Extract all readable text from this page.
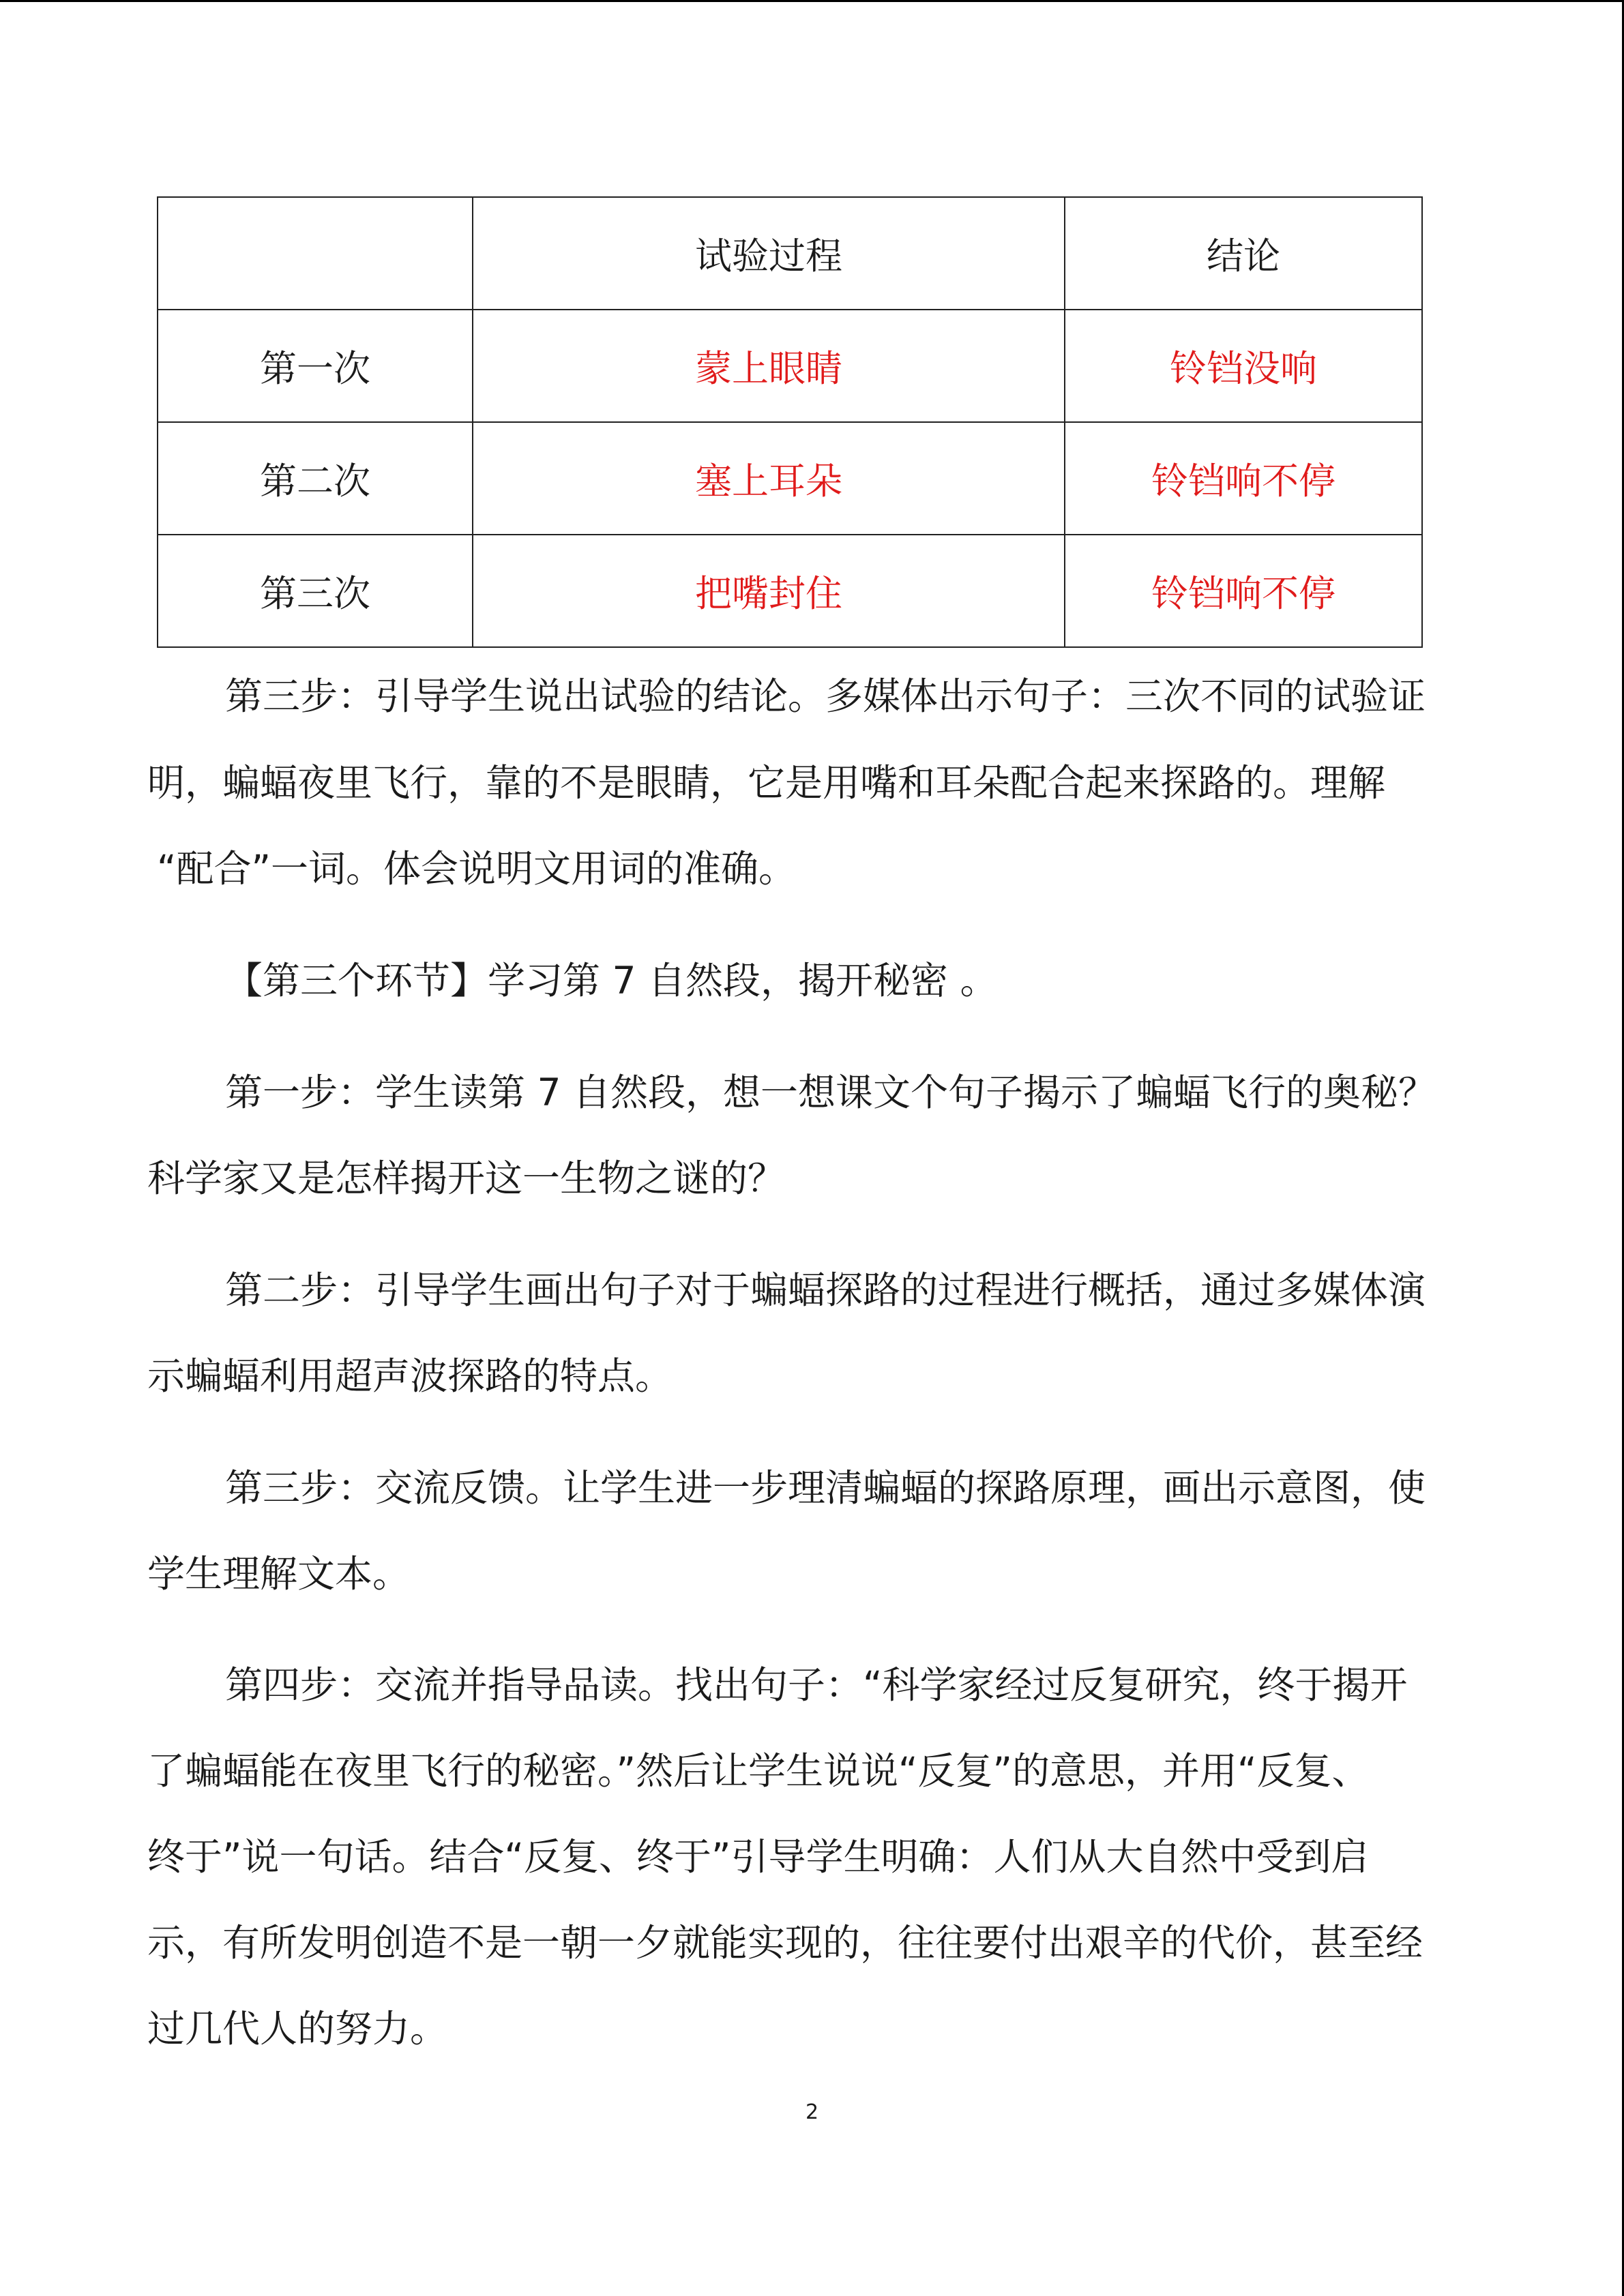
	试验过程	结论
第一次	蒙上眼睛	铃铛没响
第二次	塞上耳朵	铃铛响不停
第三次	把嘴封住	铃铛响不停

第三步：引导学生说出试验的结论。多媒体出示句子：三次不同的试验证

明，蝙蝠夜里飞行，靠的不是眼睛，它是用嘴和耳朵配合起来探路的。理解

“配合”一词。体会说明文用词的准确。

【第三个环节】学习第 7 自然段，揭开秘密 。

第一步：学生读第 7 自然段，想一想课文个句子揭示了蝙蝠飞行的奥秘？

科学家又是怎样揭开这一生物之谜的？

第二步：引导学生画出句子对于蝙蝠探路的过程进行概括，通过多媒体演

示蝙蝠利用超声波探路的特点。

第三步：交流反馈。让学生进一步理清蝙蝠的探路原理，画出示意图，使

学生理解文本。

第四步：交流并指导品读。找出句子：“科学家经过反复研究，终于揭开

了蝙蝠能在夜里飞行的秘密。”然后让学生说说“反复”的意思，并用“反复、

终于”说一句话。结合“反复、终于”引导学生明确：人们从大自然中受到启

示，有所发明创造不是一朝一夕就能实现的，往往要付出艰辛的代价，甚至经

过几代人的努力。

2
